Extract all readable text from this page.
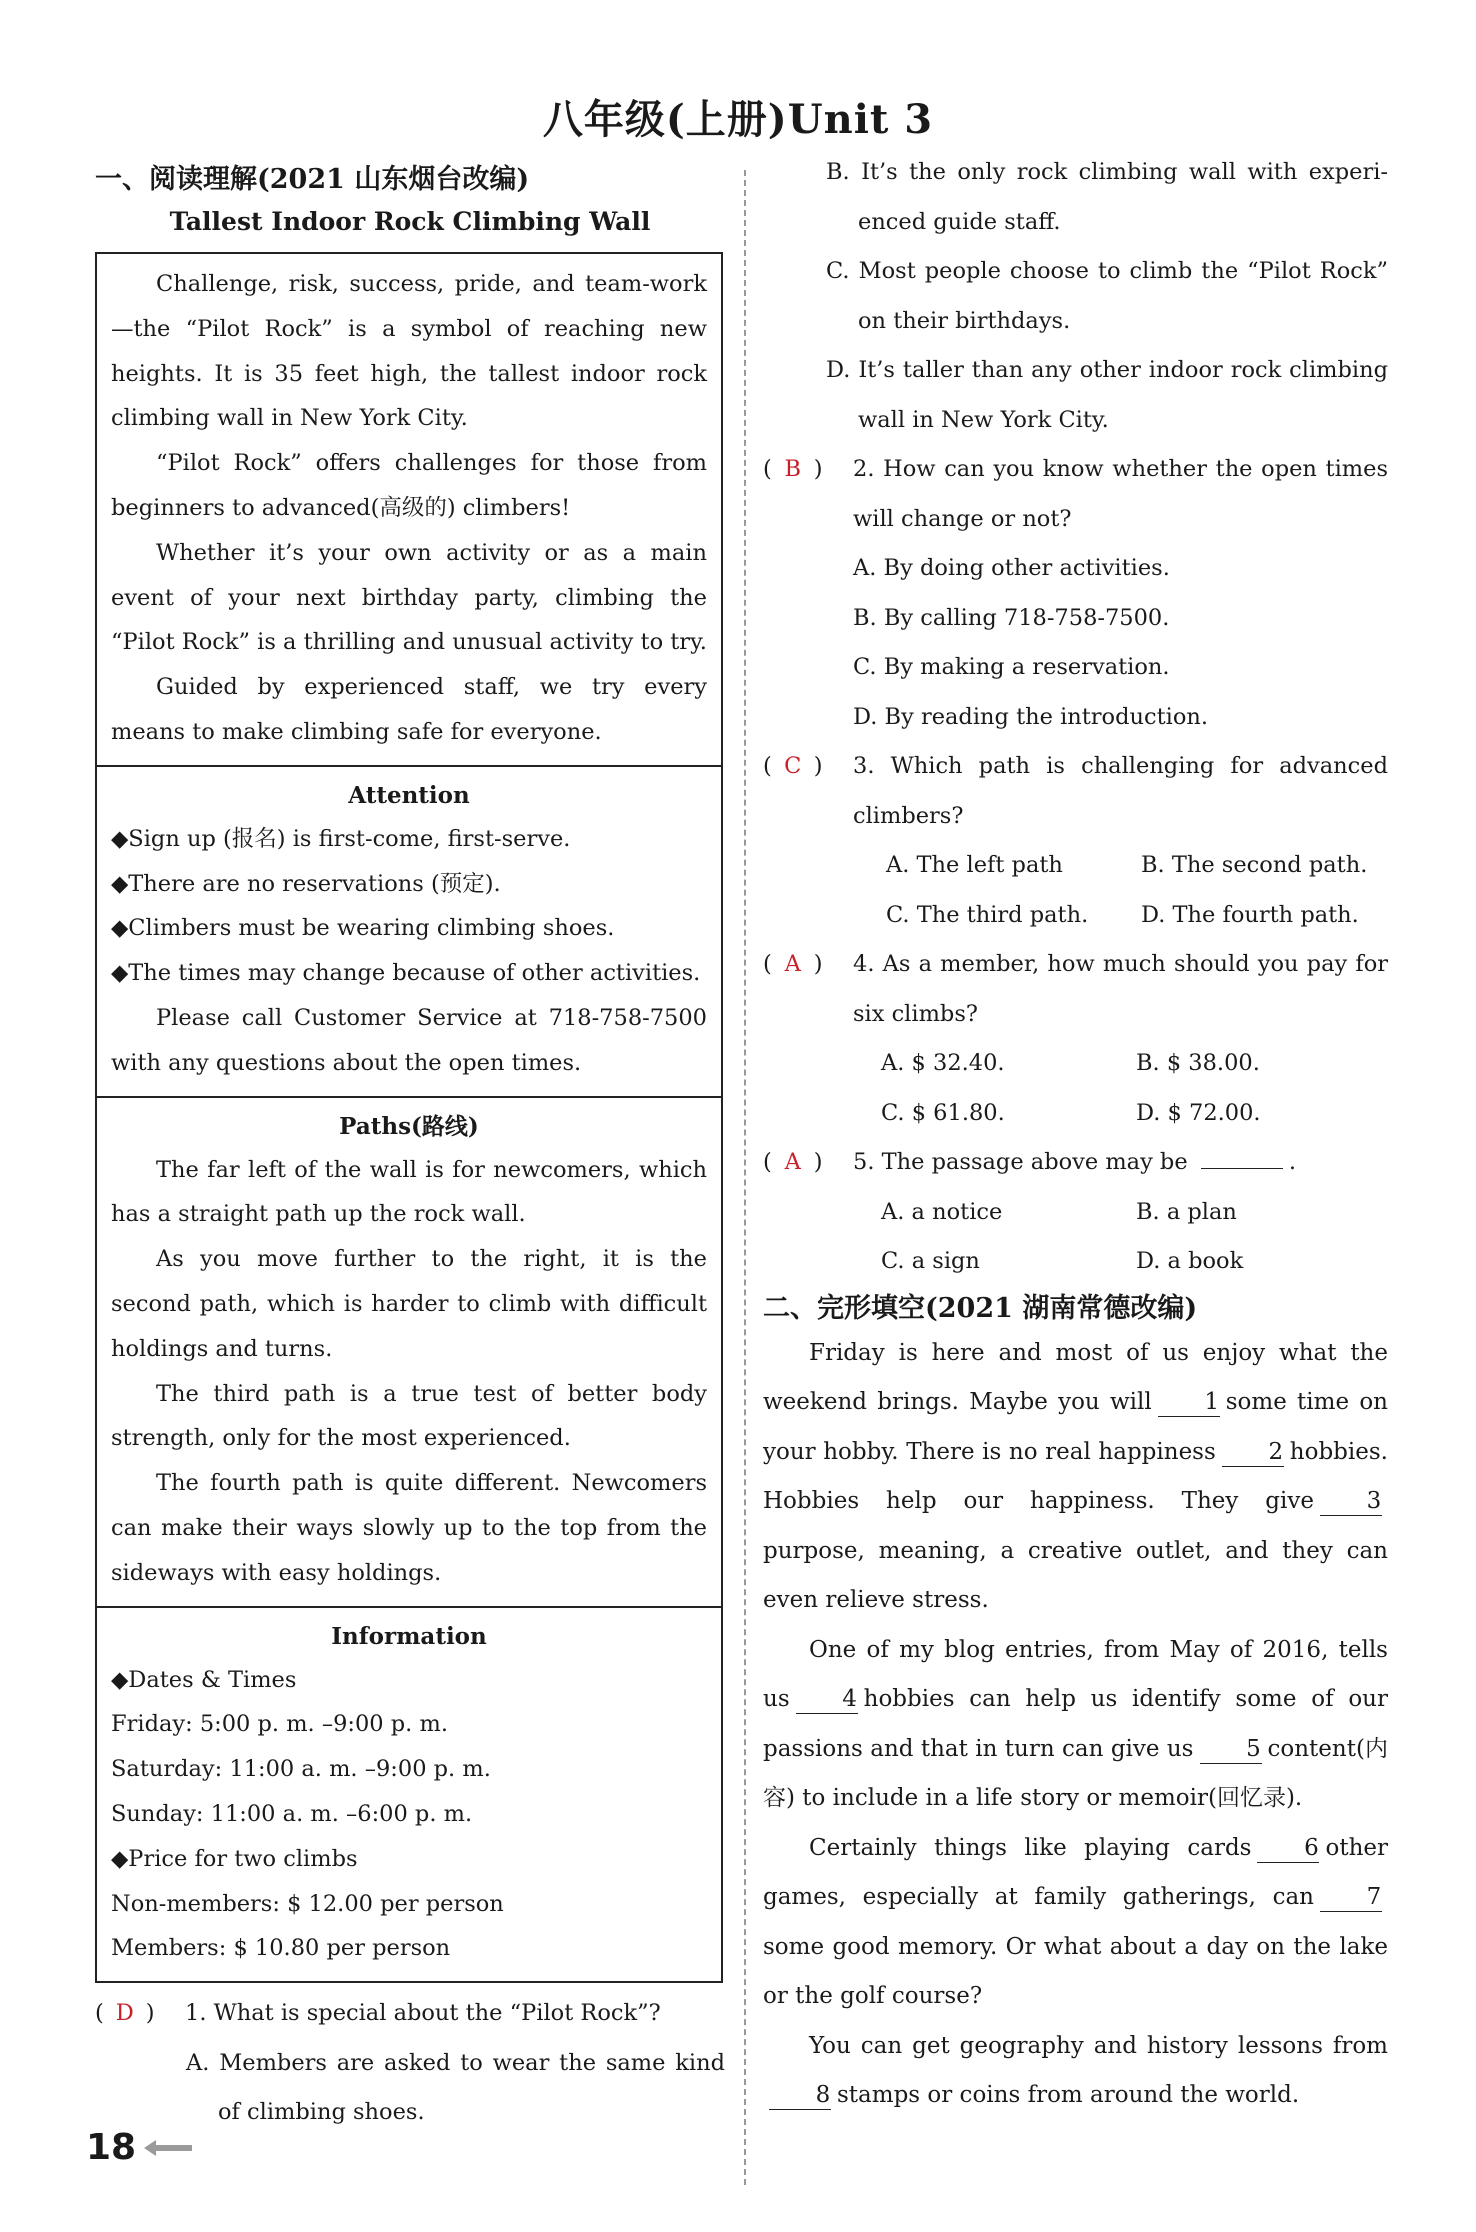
八年级(上册)Unit 3
一、阅读理解(2021 山东烟台改编)
Tallest Indoor Rock Climbing Wall

Challenge, risk, success, pride, and team-work—the “Pilot Rock” is a symbol of reaching new heights. It is 35 feet high, the tallest indoor rock climbing wall in New York City.

“Pilot Rock” offers challenges for those from beginners to advanced(高级的) climbers!

Whether it’s your own activity or as a main event of your next birthday party, climbing the “Pilot Rock” is a thrilling and unusual activity to try.

Guided by experienced staff, we try every means to make climbing safe for everyone.

Attention

◆Sign up (报名) is first-come, first-serve.

◆There are no reservations (预定).

◆Climbers must be wearing climbing shoes.

◆The times may change because of other activities.

Please call Customer Service at 718-758-7500 with any questions about the open times.

Paths(路线)

The far left of the wall is for newcomers, which has a straight path up the rock wall.

As you move further to the right, it is the second path, which is harder to climb with difficult holdings and turns.

The third path is a true test of better body strength, only for the most experienced.

The fourth path is quite different. Newcomers can make their ways slowly up to the top from the sideways with easy holdings.

Information

◆Dates & Times

Friday: 5:00 p. m. –9:00 p. m.

Saturday: 11:00 a. m. –9:00 p. m.

Sunday: 11:00 a. m. –6:00 p. m.

◆Price for two climbs

Non-members: $ 12.00 per person

Members: $ 10.80 per person

( D )	1. What is special about the “Pilot Rock”?
A. Members are asked to wear the same kind of climbing shoes.
B. It’s the only rock climbing wall with experi-enced guide staff.
C. Most people choose to climb the “Pilot Rock” on their birthdays.
D. It’s taller than any other indoor rock climbing wall in New York City.
( B )	2. How can you know whether the open times will change or not?
A. By doing other activities.
B. By calling 718-758-7500.
C. By making a reservation.
D. By reading the introduction.
( C )	3. Which path is challenging for advanced climbers?
A. The left path	B. The second path.
C. The third path.	D. The fourth path.
( A )	4. As a member, how much should you pay for six climbs?
A. $ 32.40.	B. $ 38.00.
C. $ 61.80.	D. $ 72.00.
( A )	5. The passage above may be	.
A. a notice	B. a plan
C. a sign	D. a book
二、完形填空(2021 湖南常德改编)

Friday is here and most of us enjoy what the weekend brings. Maybe you will 1 some time on your hobby. There is no real happiness 2 hobbies. Hobbies help our happiness. They give 3purpose, meaning, a creative outlet, and they can even relieve stress.

One of my blog entries, from May of 2016, tells us 4 hobbies can help us identify some of our passions and that in turn can give us 5 content(内容) to include in a life story or memoir(回忆录).

Certainly things like playing cards 6 other games, especially at family gatherings, can 7some good memory. Or what about a day on the lake or the golf course?

You can get geography and history lessons from8 stamps or coins from around the world.

18
